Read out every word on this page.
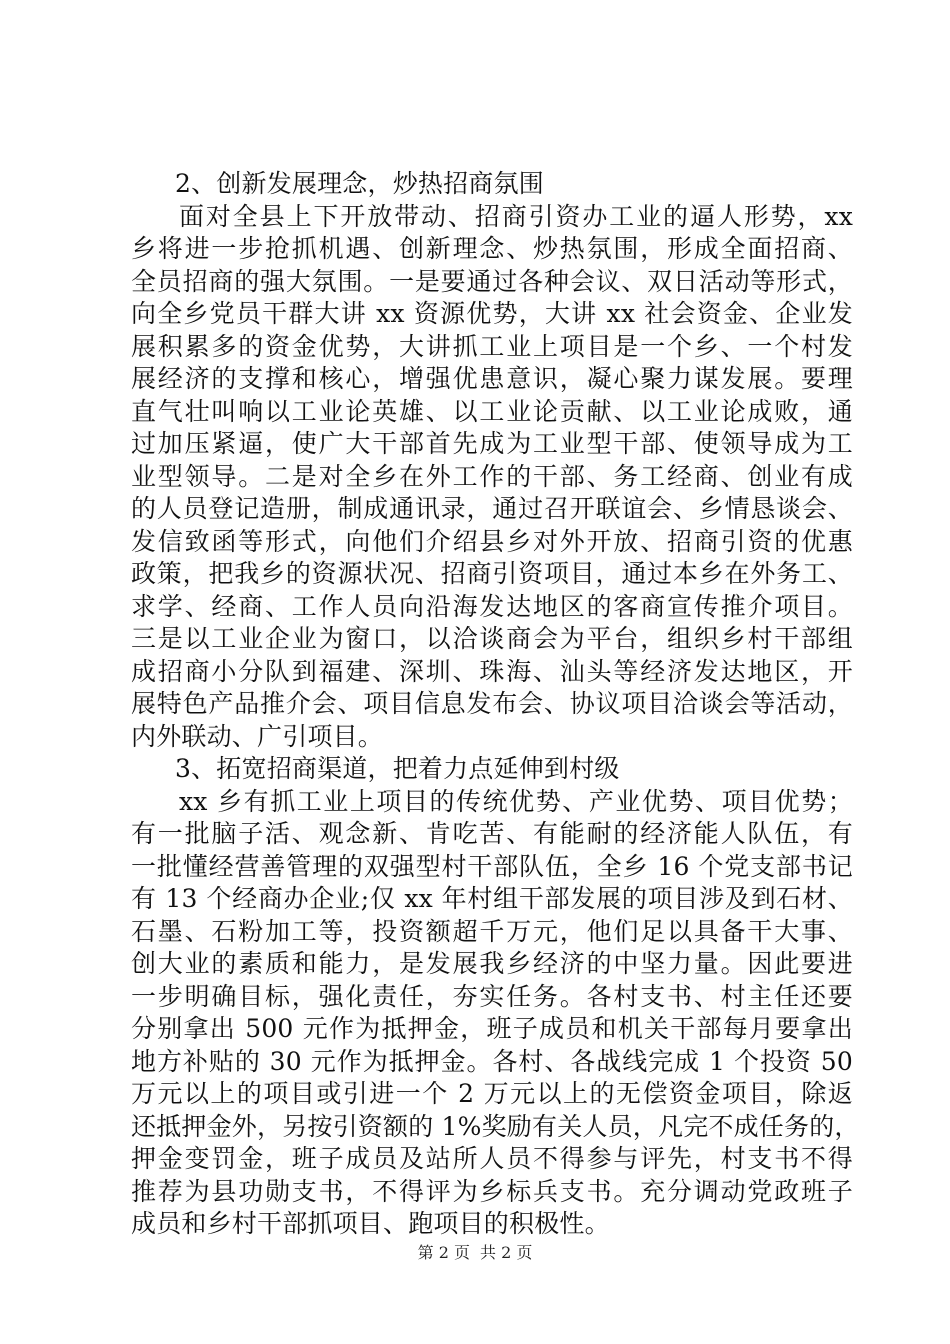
2、创新发展理念，炒热招商氛围
面对全县上下开放带动、招商引资办工业的逼人形势，xx
乡将进一步抢抓机遇、创新理念、炒热氛围，形成全面招商、
全员招商的强大氛围。一是要通过各种会议、双日活动等形式，
向全乡党员干群大讲 xx 资源优势，大讲 xx 社会资金、企业发
展积累多的资金优势，大讲抓工业上项目是一个乡、一个村发
展经济的支撑和核心，增强优患意识，凝心聚力谋发展。要理
直气壮叫响以工业论英雄、以工业论贡献、以工业论成败，通
过加压紧逼，使广大干部首先成为工业型干部、使领导成为工
业型领导。二是对全乡在外工作的干部、务工经商、创业有成
的人员登记造册，制成通讯录，通过召开联谊会、乡情恳谈会、
发信致函等形式，向他们介绍县乡对外开放、招商引资的优惠
政策，把我乡的资源状况、招商引资项目，通过本乡在外务工、
求学、经商、工作人员向沿海发达地区的客商宣传推介项目。
三是以工业企业为窗口，以洽谈商会为平台，组织乡村干部组
成招商小分队到福建、深圳、珠海、汕头等经济发达地区，开
展特色产品推介会、项目信息发布会、协议项目洽谈会等活动，
内外联动、广引项目。
3、拓宽招商渠道，把着力点延伸到村级
xx 乡有抓工业上项目的传统优势、产业优势、项目优势；
有一批脑子活、观念新、肯吃苦、有能耐的经济能人队伍，有
一批懂经营善管理的双强型村干部队伍，全乡 16 个党支部书记
有 13 个经商办企业;仅 xx 年村组干部发展的项目涉及到石材、
石墨、石粉加工等，投资额超千万元，他们足以具备干大事、
创大业的素质和能力，是发展我乡经济的中坚力量。因此要进
一步明确目标，强化责任，夯实任务。各村支书、村主任还要
分别拿出 500 元作为抵押金，班子成员和机关干部每月要拿出
地方补贴的 30 元作为抵押金。各村、各战线完成 1 个投资 50
万元以上的项目或引进一个 2 万元以上的无偿资金项目，除返
还抵押金外，另按引资额的 1%奖励有关人员，凡完不成任务的，
押金变罚金，班子成员及站所人员不得参与评先，村支书不得
推荐为县功勋支书，不得评为乡标兵支书。充分调动党政班子
成员和乡村干部抓项目、跑项目的积极性。
第 2 页 共 2 页
